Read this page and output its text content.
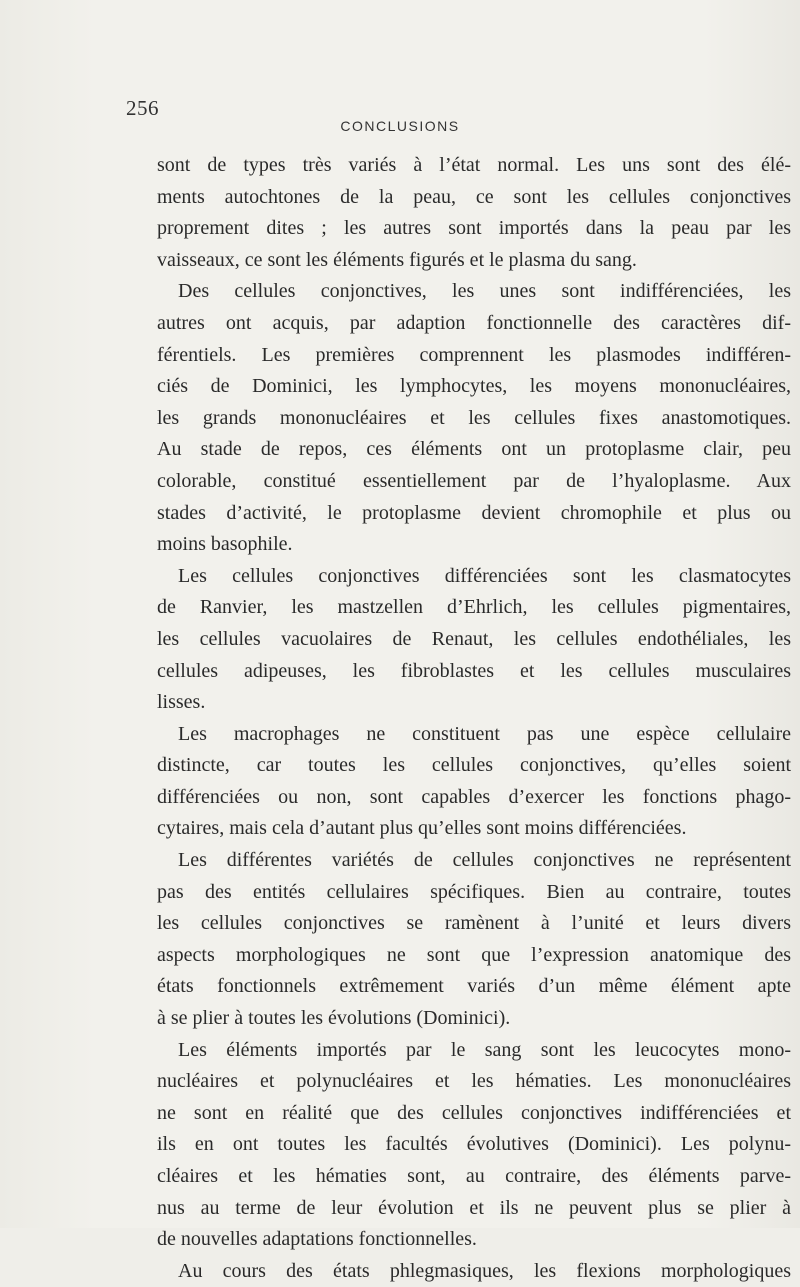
256
CONCLUSIONS
sont de types très variés à l’état normal. Les uns sont des élé-
ments autochtones de la peau, ce sont les cellules conjonctives
proprement dites ; les autres sont importés dans la peau par les
vaisseaux, ce sont les éléments figurés et le plasma du sang.
Des cellules conjonctives, les unes sont indifférenciées, les
autres ont acquis, par adaption fonctionnelle des caractères dif-
férentiels. Les premières comprennent les plasmodes indifféren-
ciés de Dominici, les lymphocytes, les moyens mononucléaires,
les grands mononucléaires et les cellules fixes anastomotiques.
Au stade de repos, ces éléments ont un protoplasme clair, peu
colorable, constitué essentiellement par de l’hyaloplasme. Aux
stades d’activité, le protoplasme devient chromophile et plus ou
moins basophile.
Les cellules conjonctives différenciées sont les clasmatocytes
de Ranvier, les mastzellen d’Ehrlich, les cellules pigmentaires,
les cellules vacuolaires de Renaut, les cellules endothéliales, les
cellules adipeuses, les fibroblastes et les cellules musculaires
lisses.
Les macrophages ne constituent pas une espèce cellulaire
distincte, car toutes les cellules conjonctives, qu’elles soient
différenciées ou non, sont capables d’exercer les fonctions phago-
cytaires, mais cela d’autant plus qu’elles sont moins différenciées.
Les différentes variétés de cellules conjonctives ne représentent
pas des entités cellulaires spécifiques. Bien au contraire, toutes
les cellules conjonctives se ramènent à l’unité et leurs divers
aspects morphologiques ne sont que l’expression anatomique des
états fonctionnels extrêmement variés d’un même élément apte
à se plier à toutes les évolutions (Dominici).
Les éléments importés par le sang sont les leucocytes mono-
nucléaires et polynucléaires et les hématies. Les mononucléaires
ne sont en réalité que des cellules conjonctives indifférenciées et
ils en ont toutes les facultés évolutives (Dominici). Les polynu-
cléaires et les hématies sont, au contraire, des éléments parve-
nus au terme de leur évolution et ils ne peuvent plus se plier à
de nouvelles adaptations fonctionnelles.
Au cours des états phlegmasiques, les flexions morphologiques
